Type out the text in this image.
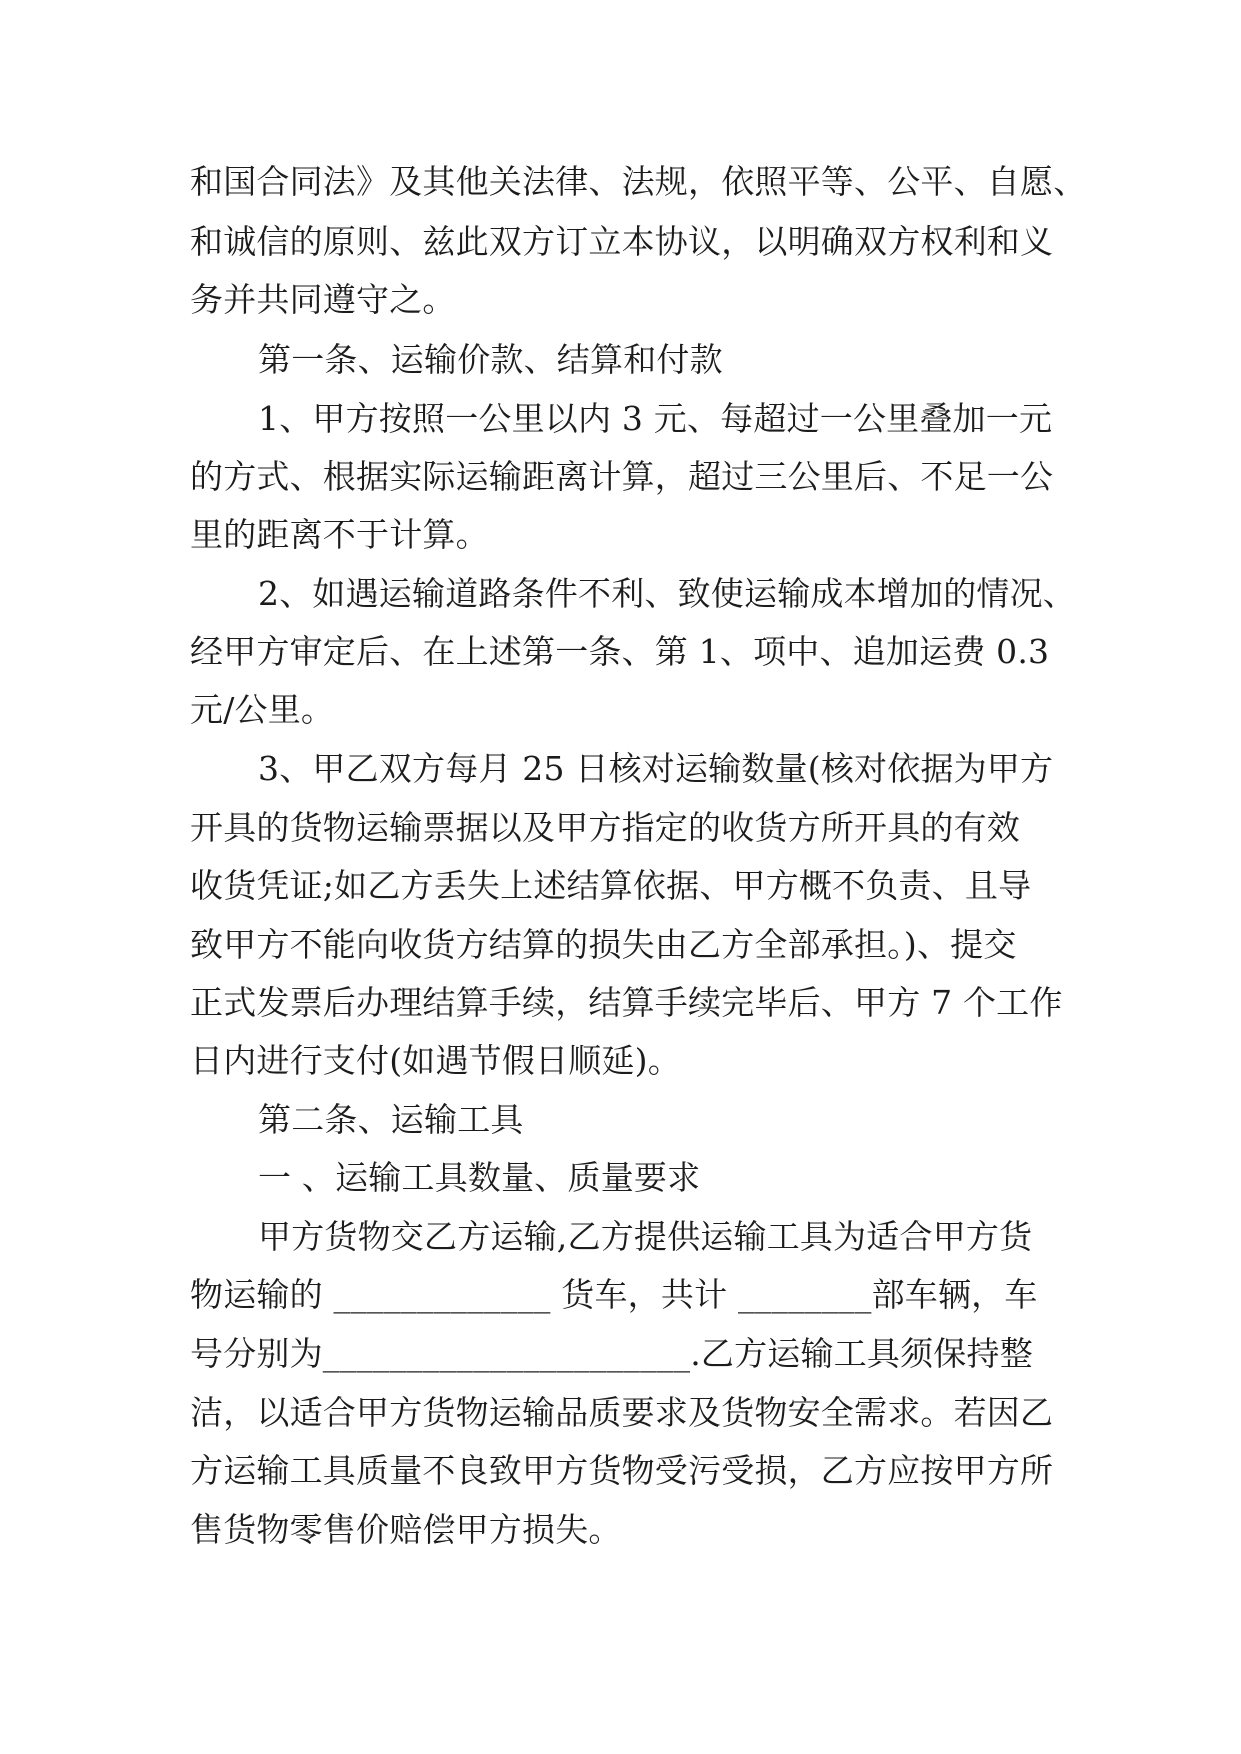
和国合同法》及其他关法律、法规，依照平等、公平、自愿、
和诚信的原则、兹此双方订立本协议，以明确双方权利和义
务并共同遵守之。
第一条、运输价款、结算和付款
1、甲方按照一公里以内 3 元、每超过一公里叠加一元
的方式、根据实际运输距离计算，超过三公里后、不足一公
里的距离不于计算。
2、如遇运输道路条件不利、致使运输成本增加的情况、
经甲方审定后、在上述第一条、第 1、项中、追加运费 0.3
元/公里。
3、甲乙双方每月 25 日核对运输数量(核对依据为甲方
开具的货物运输票据以及甲方指定的收货方所开具的有效
收货凭证;如乙方丢失上述结算依据、甲方概不负责、且导
致甲方不能向收货方结算的损失由乙方全部承担。)、提交
正式发票后办理结算手续，结算手续完毕后、甲方 7 个工作
日内进行支付(如遇节假日顺延)。
第二条、运输工具
一 、运输工具数量、质量要求
甲方货物交乙方运输,乙方提供运输工具为适合甲方货
物运输的 _____________ 货车，共计 ________部车辆，车
号分别为______________________.乙方运输工具须保持整
洁，以适合甲方货物运输品质要求及货物安全需求。若因乙
方运输工具质量不良致甲方货物受污受损，乙方应按甲方所
售货物零售价赔偿甲方损失。
